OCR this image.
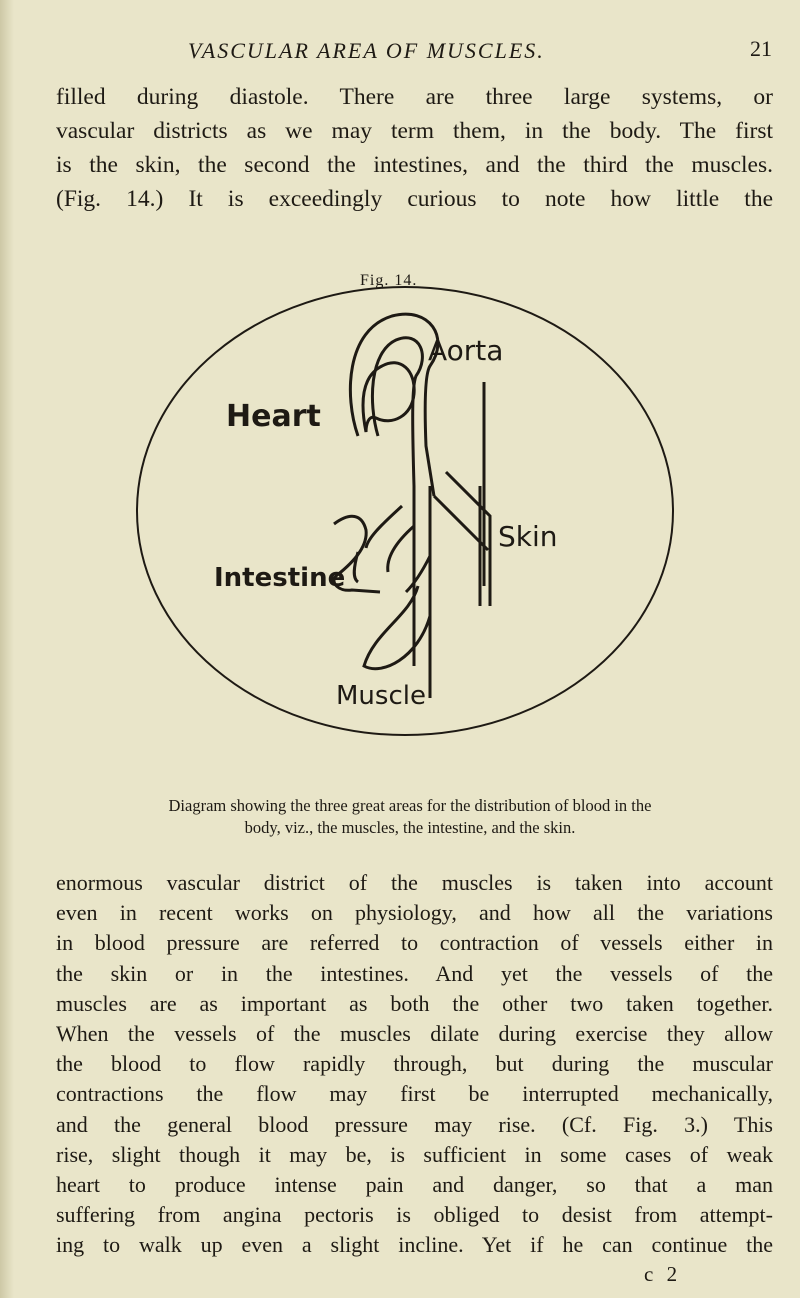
VASCULAR AREA OF MUSCLES.	21

filled during diastole. There are three large systems, or
vascular districts as we may term them, in the body. The first
is the skin, the second the intestines, and the third the muscles.
(Fig. 14.) It is exceedingly curious to note how little the

Fig. 14.
Heart
Aorta
Skin
Intestine
Muscle
Diagram showing the three great areas for the distribution of blood in the
body, viz., the muscles, the intestine, and the skin.

enormous vascular district of the muscles is taken into account
even in recent works on physiology, and how all the variations
in blood pressure are referred to contraction of vessels either in
the skin or in the intestines. And yet the vessels of the
muscles are as important as both the other two taken together.
When the vessels of the muscles dilate during exercise they allow
the blood to flow rapidly through, but during the muscular
contractions the flow may first be interrupted mechanically,
and the general blood pressure may rise. (Cf. Fig. 3.) This
rise, slight though it may be, is sufficient in some cases of weak
heart to produce intense pain and danger, so that a man
suffering from angina pectoris is obliged to desist from attempt-
ing to walk up even a slight incline. Yet if he can continue the

c 2
